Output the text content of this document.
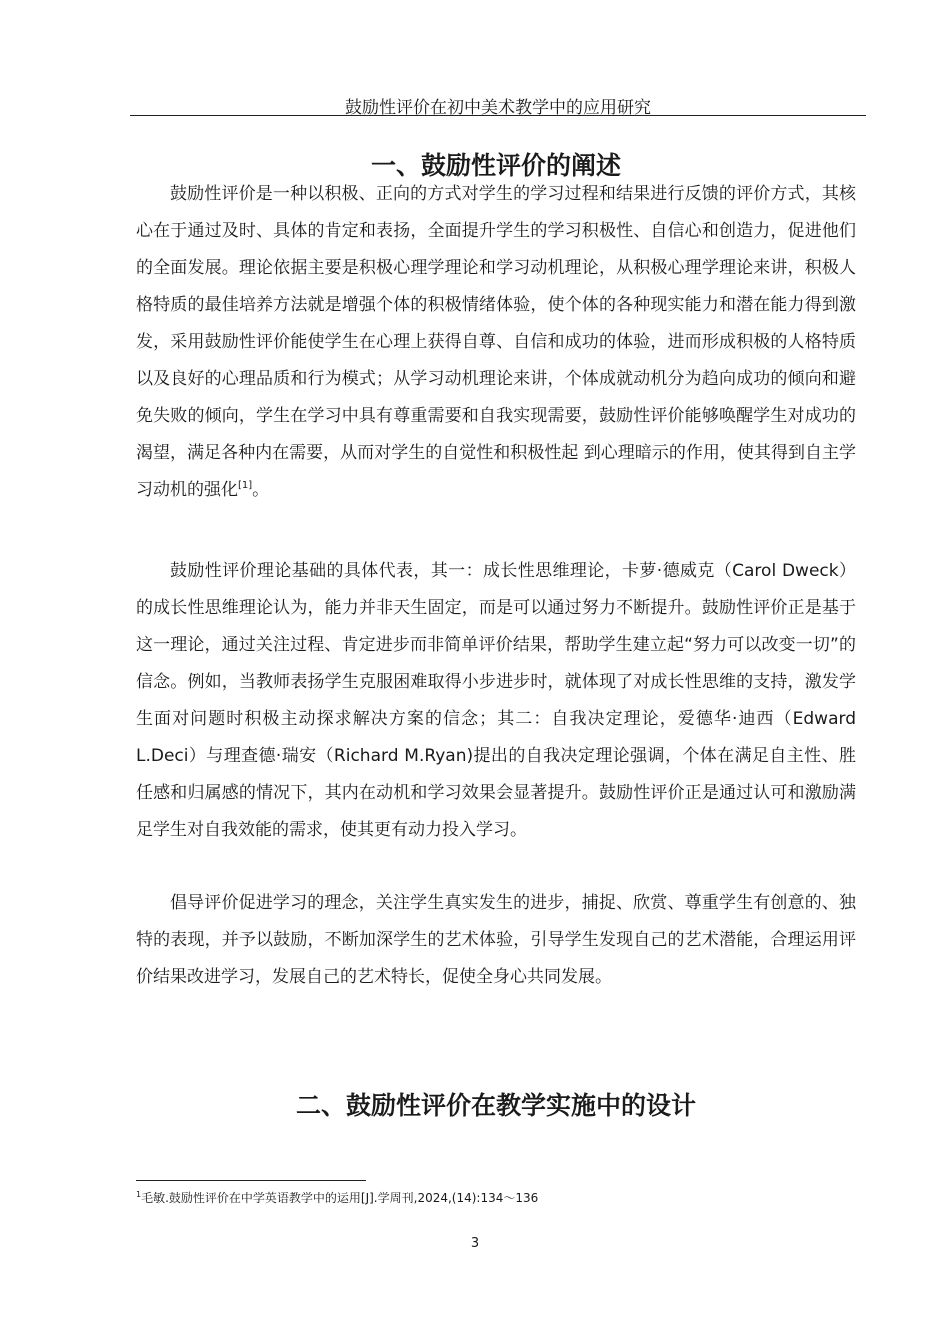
鼓励性评价在初中美术教学中的应用研究
一、鼓励性评价的阐述
鼓励性评价是一种以积极、正向的方式对学生的学习过程和结果进行反馈的评价方式，其核心在于通过及时、具体的肯定和表扬，全面提升学生的学习积极性、自信心和创造力，促进他们的全面发展。理论依据主要是积极心理学理论和学习动机理论，从积极心理学理论来讲，积极人格特质的最佳培养方法就是增强个体的积极情绪体验，使个体的各种现实能力和潜在能力得到激发，采用鼓励性评价能使学生在心理上获得自尊、自信和成功的体验，进而形成积极的人格特质以及良好的心理品质和行为模式；从学习动机理论来讲，个体成就动机分为趋向成功的倾向和避免失败的倾向，学生在学习中具有尊重需要和自我实现需要，鼓励性评价能够唤醒学生对成功的渴望，满足各种内在需要，从而对学生的自觉性和积极性起 到心理暗示的作用，使其得到自主学习动机的强化[1]。
鼓励性评价理论基础的具体代表，其一：成长性思维理论，卡萝·德威克（Carol Dweck）的成长性思维理论认为，能力并非天生固定，而是可以通过努力不断提升。鼓励性评价正是基于这一理论，通过关注过程、肯定进步而非简单评价结果，帮助学生建立起“努力可以改变一切”的信念。例如，当教师表扬学生克服困难取得小步进步时，就体现了对成长性思维的支持，激发学生面对问题时积极主动探求解决方案的信念；其二：自我决定理论，爱德华·迪西（Edward L.Deci）与理查德·瑞安（Richard M.Ryan)提出的自我决定理论强调，个体在满足自主性、胜任感和归属感的情况下，其内在动机和学习效果会显著提升。鼓励性评价正是通过认可和激励满足学生对自我效能的需求，使其更有动力投入学习。
倡导评价促进学习的理念，关注学生真实发生的进步，捕捉、欣赏、尊重学生有创意的、独特的表现，并予以鼓励，不断加深学生的艺术体验，引导学生发现自己的艺术潜能，合理运用评价结果改进学习，发展自己的艺术特长，促使全身心共同发展。
二、鼓励性评价在教学实施中的设计
$^1$毛敏.鼓励性评价在中学英语教学中的运用[J].学周刊,2024,(14):134～136
3
